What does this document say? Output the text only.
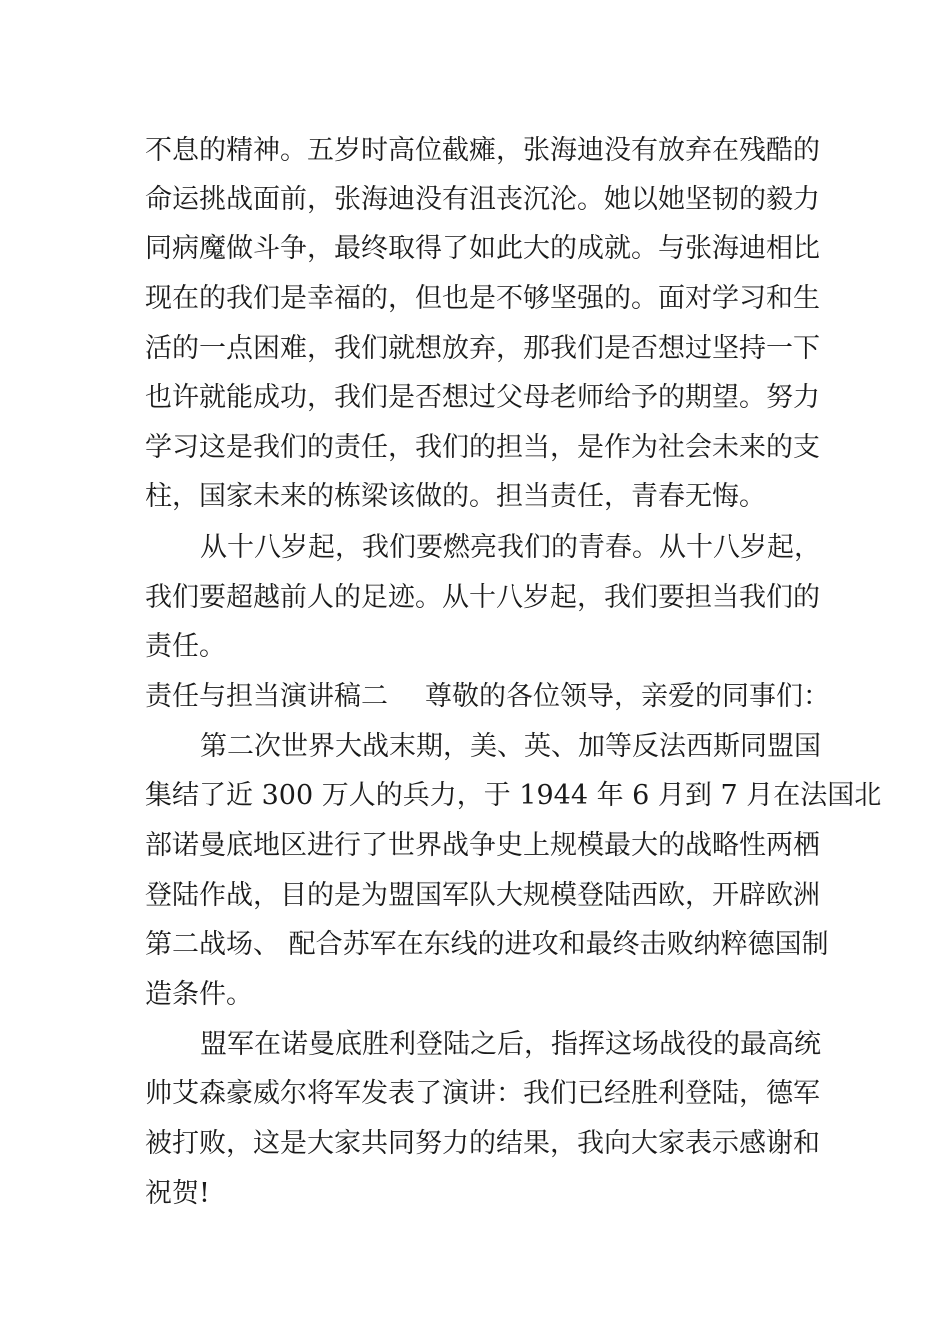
不息的精神。五岁时高位截瘫，张海迪没有放弃在残酷的
命运挑战面前，张海迪没有沮丧沉沦。她以她坚韧的毅力
同病魔做斗争，最终取得了如此大的成就。与张海迪相比
现在的我们是幸福的，但也是不够坚强的。面对学习和生
活的一点困难，我们就想放弃，那我们是否想过坚持一下
也许就能成功，我们是否想过父母老师给予的期望。努力
学习这是我们的责任，我们的担当，是作为社会未来的支
柱，国家未来的栋梁该做的。担当责任，青春无悔。
从十八岁起，我们要燃亮我们的青春。从十八岁起，
我们要超越前人的足迹。从十八岁起，我们要担当我们的
责任。
责任与担当演讲稿二	尊敬的各位领导，亲爱的同事们：
第二次世界大战末期，美、英、加等反法西斯同盟国
集结了近 300 万人的兵力，于 1944 年 6 月到 7 月在法国北
部诺曼底地区进行了世界战争史上规模最大的战略性两栖
登陆作战，目的是为盟国军队大规模登陆西欧，开辟欧洲
第二战场、 配合苏军在东线的进攻和最终击败纳粹德国制
造条件。
盟军在诺曼底胜利登陆之后，指挥这场战役的最高统
帅艾森豪威尔将军发表了演讲：我们已经胜利登陆，德军
被打败，这是大家共同努力的结果，我向大家表示感谢和
祝贺!
